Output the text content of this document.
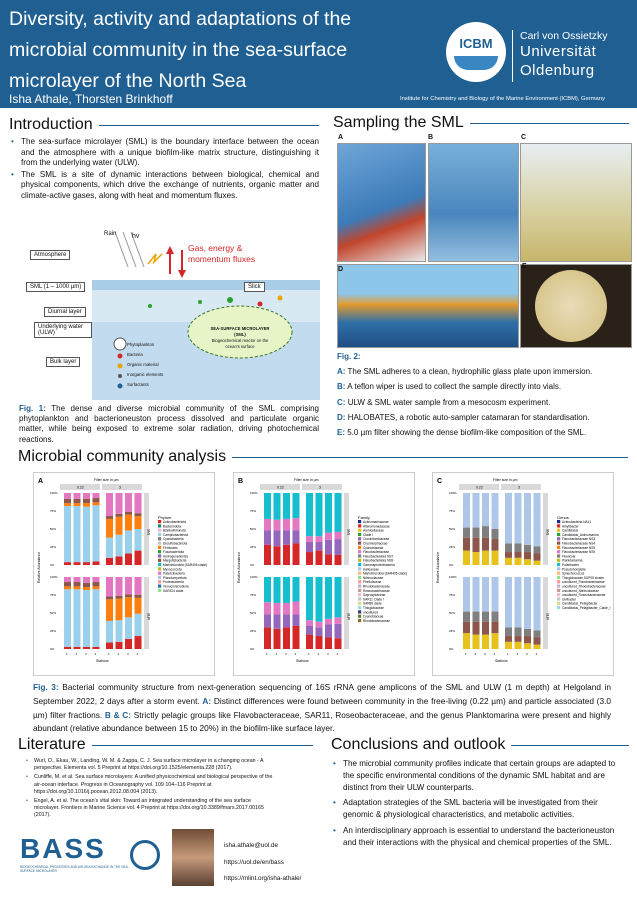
Diversity, activity and adaptations of the microbial community in the sea-surface microlayer of the North Sea
Isha Athale, Thorsten Brinkhoff
ICBM	Carl von Ossietzky
Universität
Oldenburg
Institute for Chemistry and Biology of the Marine Environment (ICBM), Germany
Introduction
• The sea-surface microlayer (SML) is the boundary interface between the ocean and the atmosphere with a unique biofilm-like matrix structure, distinguishing it from the underlying water (ULW).
• The SML is a site of dynamic interactions between biological, chemical and physical components, which drive the exchange of nutrients, organic matter and climate-active gases, along with heat and momentum fluxes.
Rain hv
Gas, energy &
momentum fluxes
Atmosphere
SML (1 – 1000 µm)	Slick
Diurnal layer
Underlying water (ULW)
Bulk layer
Phytoplankton
Bacteria
Organic material
Inorganic elements
Surfactants
SEA-SURFACE MICROLAYER (SML)
Biogeochemical reactor on the ocean's surface
Fig. 1: The dense and diverse microbial community of the SML comprising phytoplankton and bacterioneuston process dissolved and particulate organic matter, while being exposed to extreme solar radiation, driving photochemical reactions.
Sampling the SML
A	B	C
D	E
Fig. 2:
A: The SML adheres to a clean, hydrophilic glass plate upon immersion.
B: A teflon wiper is used to collect the sample directly into vials.
C: ULW & SML water sample from a mesocosm experiment.
D: HALOBATES, a robotic auto-sampler catamaran for standardisation.
E: 5.0 µm filter showing the dense biofilm-like composition of the SML.
Microbial community analysis
A	Filter size in µm
0.22	3
SML
0%
25%
50%
75%
100%
ULW
0%
25%
50%
75%
100%
1	2	3	4	1	2	3	4
Stations
Relative Abundance
Phylum
Actinobacteriota
Bacteroidota
Bdellovibrionota
Campilobacterota
Cyanobacteria
Desulfobacterota
Firmicutes
Fusobacteriota
Hydrogenedentes
Margulisbacteria
Marinimicrobia (SAR406 clade)
Myxococcota
Patescibacteria
Planctomycetota
Proteobacteria
Verrucomicrobiota
SAR324 clade
B	Filter size in µm
0.22	3
SML
0%
25%
50%
75%
100%
ULW
0%
25%
50%
75%
100%
1	2	3	4	1	2	3	4
Stations
Relative Abundance
Family
Actinomarinaceae
Alteromonadaceae
Arenicellaceae
Clade I
Crocinitomicaceae
Cryomorphaceae
Cyanobiaceae
Flavobacteriaceae
Flavobacteriales NS7
Flavobacteriales NS9
Gammaproteobacteria
Halieaceae
Marinimicrobia (SAR406 clade)
Nitrincolaceae
Pirellulaceae
Rhodobacteraceae
Roseobacteraceae
Saprospiraceae
SAR11 Clade I
SAR86 clade
Thioglobaceae
uncultured
Cyanobiaceae
Rhodobacteraceae
C	Filter size in µm
0.22	3
SML
0%
25%
50%
75%
100%
ULW
0%
25%
50%
75%
100%
1	2	3	4	1	2	3	4
Stations
Relative Abundance
Genus
Actinobacteria-NA11
Amylibacter
Candidatus
Candidatus_Actinomarina
Flavobacteriaceae NS3
Flavobacteriaceae NS4
Flavobacteriaceae NS5
Flavobacteriaceae NS9
Fluviicola
Planktomarina
Polaribacter
Pseudohongiella
Synechococcus
Thioglobaceae SUP05 cluster
uncultured_Flavobacteriaceae
uncultured_Rhodobacteraceae
uncultured_Nitrincolaceae
uncultured_Roseobacteraceae
Ulvibacter
Candidatus_Pelagibacter
Candidatus_Pelagibacter_Clade_I
Fig. 3: Bacterial community structure from next-generation sequencing of 16S rRNA gene amplicons of the SML and ULW (1 m depth) at Helgoland in September 2022, 2 days after a storm event. A: Distinct differences were found between community in the free-living (0.22 µm) and particle associated (3.0 µm) filter fractions. B & C: Strictly pelagic groups like Flavobacteraceae, SAR11, Roseobacteraceae, and the genus Planktomarina were present and highly abundant (relative abundance between 15 to 20%) in the biofilm-like surface layer.
Literature
• Wurl, O., Ekau, W., Landing, W. M. & Zappa, C. J. Sea surface microlayer in a changing ocean - A perspective. Elementa vol. 5 Preprint at https://doi.org/10.1525/elementa.228 (2017).
• Cunliffe, M. et al. Sea surface microlayers: A unified physicochemical and biological perspective of the air-ocean interface. Progress in Oceanography vol. 109 104–116 Preprint at https://doi.org/10.1016/j.pocean.2012.08.004 (2013).
• Engel, A. et al. The ocean's vital skin: Toward an integrated understanding of the sea surface microlayer. Frontiers in Marine Science vol. 4 Preprint at https://doi.org/10.3389/fmars.2017.00165 (2017).
BASS
BIOGEOCHEMICAL PROCESSES AND AIR-SEA EXCHANGE IN THE SEA-SURFACE MICROLAYER
isha.athale@uol.de
https://uol.de/en/bass
https://mlint.org/isha-athale/
Conclusions and outlook
• The microbial community profiles indicate that certain groups are adapted to the specific environmental conditions of the dynamic SML habitat and are distinct from their ULW counterparts.
• Adaptation strategies of the SML bacteria will be investigated from their genomic & physiological characteristics, and metabolic activities.
• An interdisciplinary approach is essential to understand the bacterioneuston and their interactions with the physical and chemical properties of the SML.
